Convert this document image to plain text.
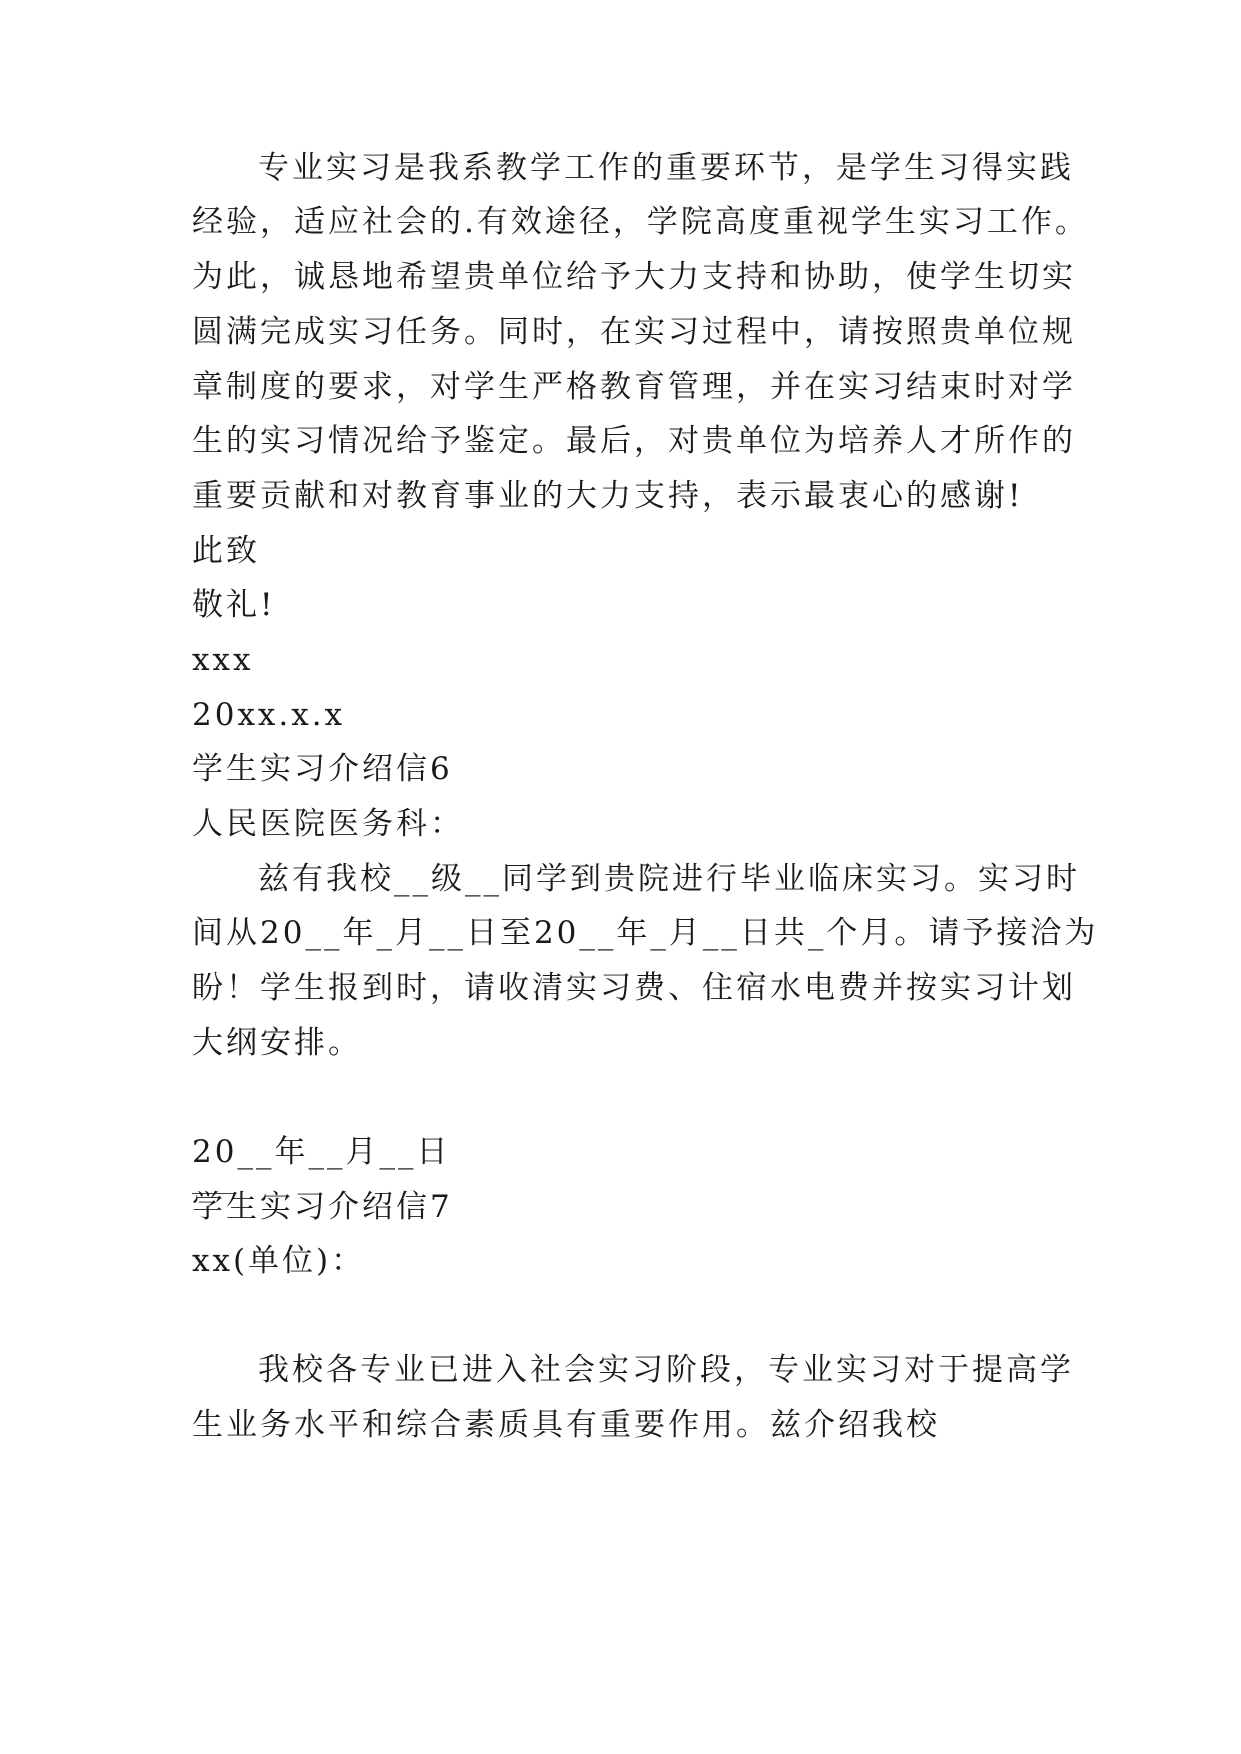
专业实习是我系教学工作的重要环节，是学生习得实践

经验，适应社会的.有效途径，学院高度重视学生实习工作。

为此，诚恳地希望贵单位给予大力支持和协助，使学生切实

圆满完成实习任务。同时，在实习过程中，请按照贵单位规

章制度的要求，对学生严格教育管理，并在实习结束时对学

生的实习情况给予鉴定。最后，对贵单位为培养人才所作的

重要贡献和对教育事业的大力支持，表示最衷心的感谢!

此致

敬礼!

xxx

20xx.x.x

学生实习介绍信6

人民医院医务科：

兹有我校__级__同学到贵院进行毕业临床实习。实习时

间从20__年_月__日至20__年_月__日共_个月。请予接洽为

盼！学生报到时，请收清实习费、住宿水电费并按实习计划

大纲安排。

20__年__月__日

学生实习介绍信7

xx(单位)：

我校各专业已进入社会实习阶段，专业实习对于提高学

生业务水平和综合素质具有重要作用。兹介绍我校
